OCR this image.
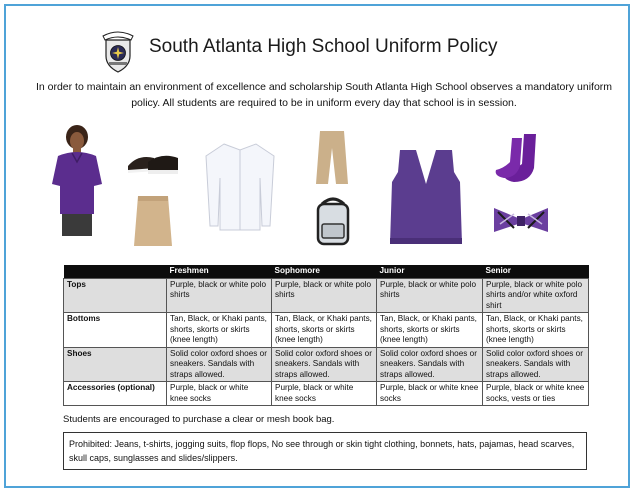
South Atlanta High School Uniform Policy
In order to maintain an environment of excellence and scholarship South Atlanta High School observes a mandatory uniform policy. All students are required to be in uniform every day that school is in session.
	Freshmen	Sophomore	Junior	Senior
Tops	Purple, black or white polo shirts	Purple, black or white polo shirts	Purple, black or white polo shirts	Purple, black or white polo shirts and/or white oxford shirt
Bottoms	Tan, Black, or Khaki pants, shorts, skorts or skirts (knee length)	Tan, Black, or Khaki pants, shorts, skorts or skirts (knee length)	Tan, Black, or Khaki pants, shorts, skorts or skirts (knee length)	Tan, Black, or Khaki pants, shorts, skorts or skirts (knee length)
Shoes	Solid color oxford shoes or sneakers. Sandals with straps allowed.	Solid color oxford shoes or sneakers. Sandals with straps allowed.	Solid color oxford shoes or sneakers. Sandals with straps allowed.	Solid color oxford shoes or sneakers. Sandals with straps allowed.
Accessories (optional)	Purple, black or white knee socks	Purple, black or white knee socks	Purple, black or white knee socks	Purple, black or white knee socks, vests or ties
Students are encouraged to purchase a clear or mesh book bag.
Prohibited: Jeans, t-shirts, jogging suits, flop flops, No see through or skin tight clothing, bonnets, hats, pajamas, head scarves, skull caps, sunglasses and slides/slippers.
